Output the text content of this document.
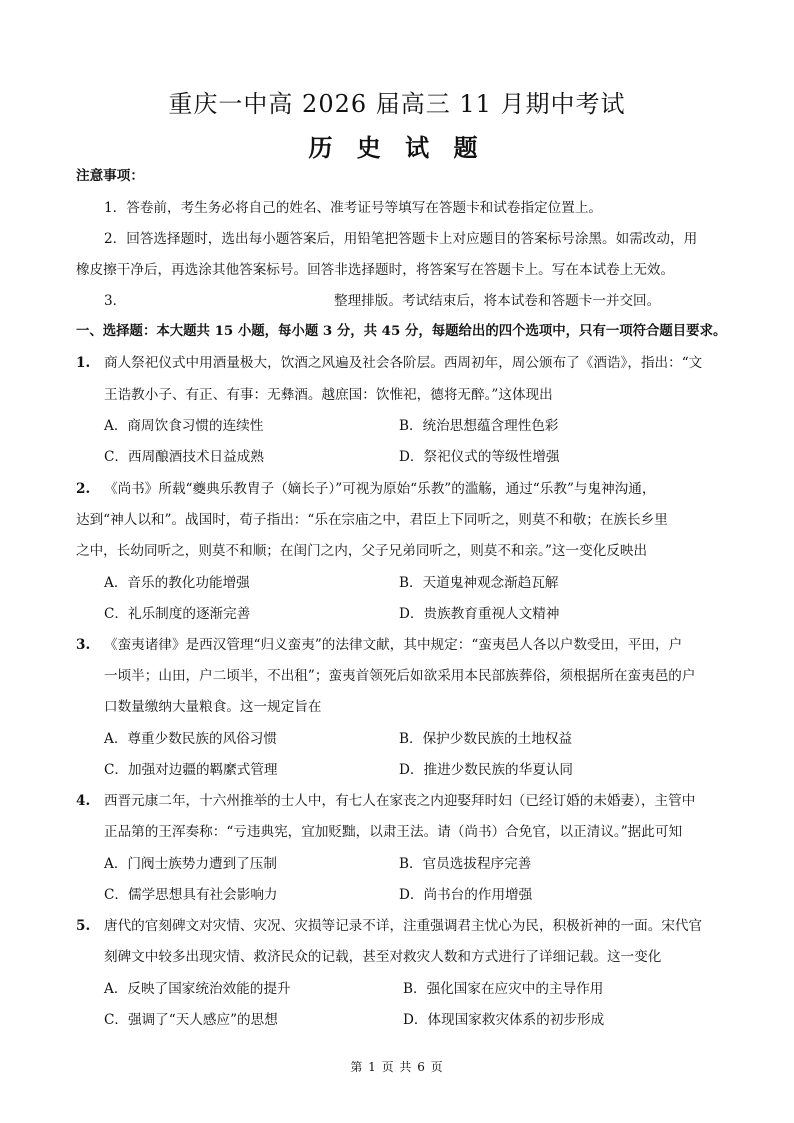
重庆一中高 2026 届高三 11 月期中考试
历 史 试 题
注意事项：
1．答卷前，考生务必将自己的姓名、准考证号等填写在答题卡和试卷指定位置上。
2．回答选择题时，选出每小题答案后，用铅笔把答题卡上对应题目的答案标号涂黑。如需改动，用
橡皮擦干净后，再选涂其他答案标号。回答非选择题时，将答案写在答题卡上。写在本试卷上无效。
3．	整理排版。考试结束后，将本试卷和答题卡一并交回。
一、选择题：本大题共 15 小题，每小题 3 分，共 45 分，每题给出的四个选项中，只有一项符合题目要求。
1. 商人祭祀仪式中用酒量极大，饮酒之风遍及社会各阶层。西周初年，周公颁布了《酒诰》，指出：“文
王诰教小子、有正、有事：无彝酒。越庶国：饮惟祀，德将无醉。”这体现出
A．商周饮食习惯的连续性	B．统治思想蕴含理性色彩
C．西周酿酒技术日益成熟	D．祭祀仪式的等级性增强
2. 《尚书》所载“夔典乐教胄子（嫡长子）”可视为原始“乐教”的滥觞，通过“乐教”与鬼神沟通，
达到“神人以和”。战国时，荀子指出：“乐在宗庙之中，君臣上下同听之，则莫不和敬；在族长乡里
之中，长幼同听之，则莫不和顺；在闺门之内，父子兄弟同听之，则莫不和亲。”这一变化反映出
A．音乐的教化功能增强	B．天道鬼神观念渐趋瓦解
C．礼乐制度的逐渐完善	D．贵族教育重视人文精神
3. 《蛮夷诸律》是西汉管理“归义蛮夷”的法律文献，其中规定：“蛮夷邑人各以户数受田，平田，户
一顷半；山田，户二顷半，不出租”；蛮夷首领死后如欲采用本民部族葬俗，须根据所在蛮夷邑的户
口数量缴纳大量粮食。这一规定旨在
A．尊重少数民族的风俗习惯	B．保护少数民族的土地权益
C．加强对边疆的羁縻式管理	D．推进少数民族的华夏认同
4. 西晋元康二年，十六州推举的士人中，有七人在家丧之内迎娶拜时妇（已经订婚的未婚妻），主管中
正品第的王浑奏称：“亏违典宪，宜加贬黜，以肃王法。请（尚书）合免官，以正清议。”据此可知
A．门阀士族势力遭到了压制	B．官员选拔程序完善
C．儒学思想具有社会影响力	D．尚书台的作用增强
5. 唐代的官刻碑文对灾情、灾况、灾损等记录不详，注重强调君主忧心为民，积极祈神的一面。宋代官
刻碑文中较多出现灾情、救济民众的记载，甚至对救灾人数和方式进行了详细记载。这一变化
A．反映了国家统治效能的提升	B．强化国家在应灾中的主导作用
C．强调了“天人感应”的思想	D．体现国家救灾体系的初步形成
第 1 页 共 6 页
